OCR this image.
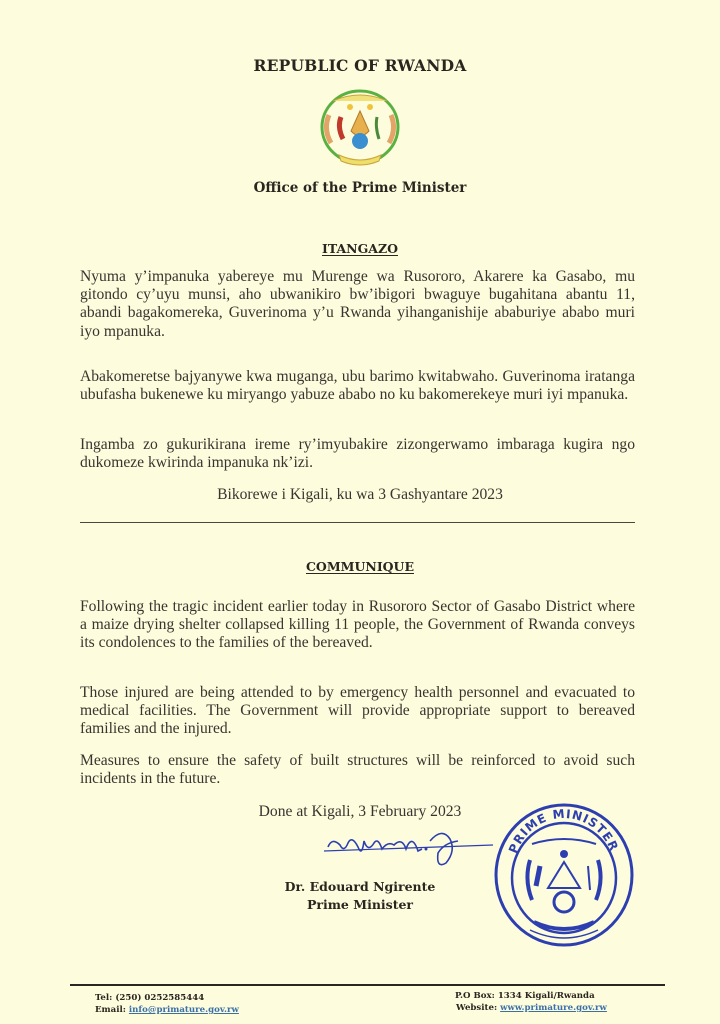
REPUBLIC OF RWANDA
Office of the Prime Minister
ITANGAZO

Nyuma y’impanuka yabereye mu Murenge wa Rusororo, Akarere ka Gasabo, mu gitondo cy’uyu munsi, aho ubwanikiro bw’ibigori bwaguye bugahitana abantu 11, abandi bagakomereka, Guverinoma y’u Rwanda yihanganishije ababuriye ababo muri iyo mpanuka.

Abakomeretse bajyanywe kwa muganga, ubu barimo kwitabwaho. Guverinoma iratanga ubufasha bukenewe ku miryango yabuze ababo no ku bakomerekeye muri iyi mpanuka.

Ingamba zo gukurikirana ireme ry’imyubakire zizongerwamo imbaraga kugira ngo dukomeze kwirinda impanuka nk’izi.

Bikorewe i Kigali, ku wa 3 Gashyantare 2023
COMMUNIQUE

Following the tragic incident earlier today in Rusororo Sector of Gasabo District where a maize drying shelter collapsed killing 11 people, the Government of Rwanda conveys its condolences to the families of the bereaved.

Those injured are being attended to by emergency health personnel and evacuated to medical facilities. The Government will provide appropriate support to bereaved families and the injured.

Measures to ensure the safety of built structures will be reinforced to avoid such incidents in the future.

Done at Kigali, 3 February 2023
Dr. Edouard Ngirente
Prime Minister
PRIME MINISTER
Tel: (250) 0252585444
Email: info@primature.gov.rw
P.O Box: 1334 Kigali/Rwanda
Website: www.primature.gov.rw
